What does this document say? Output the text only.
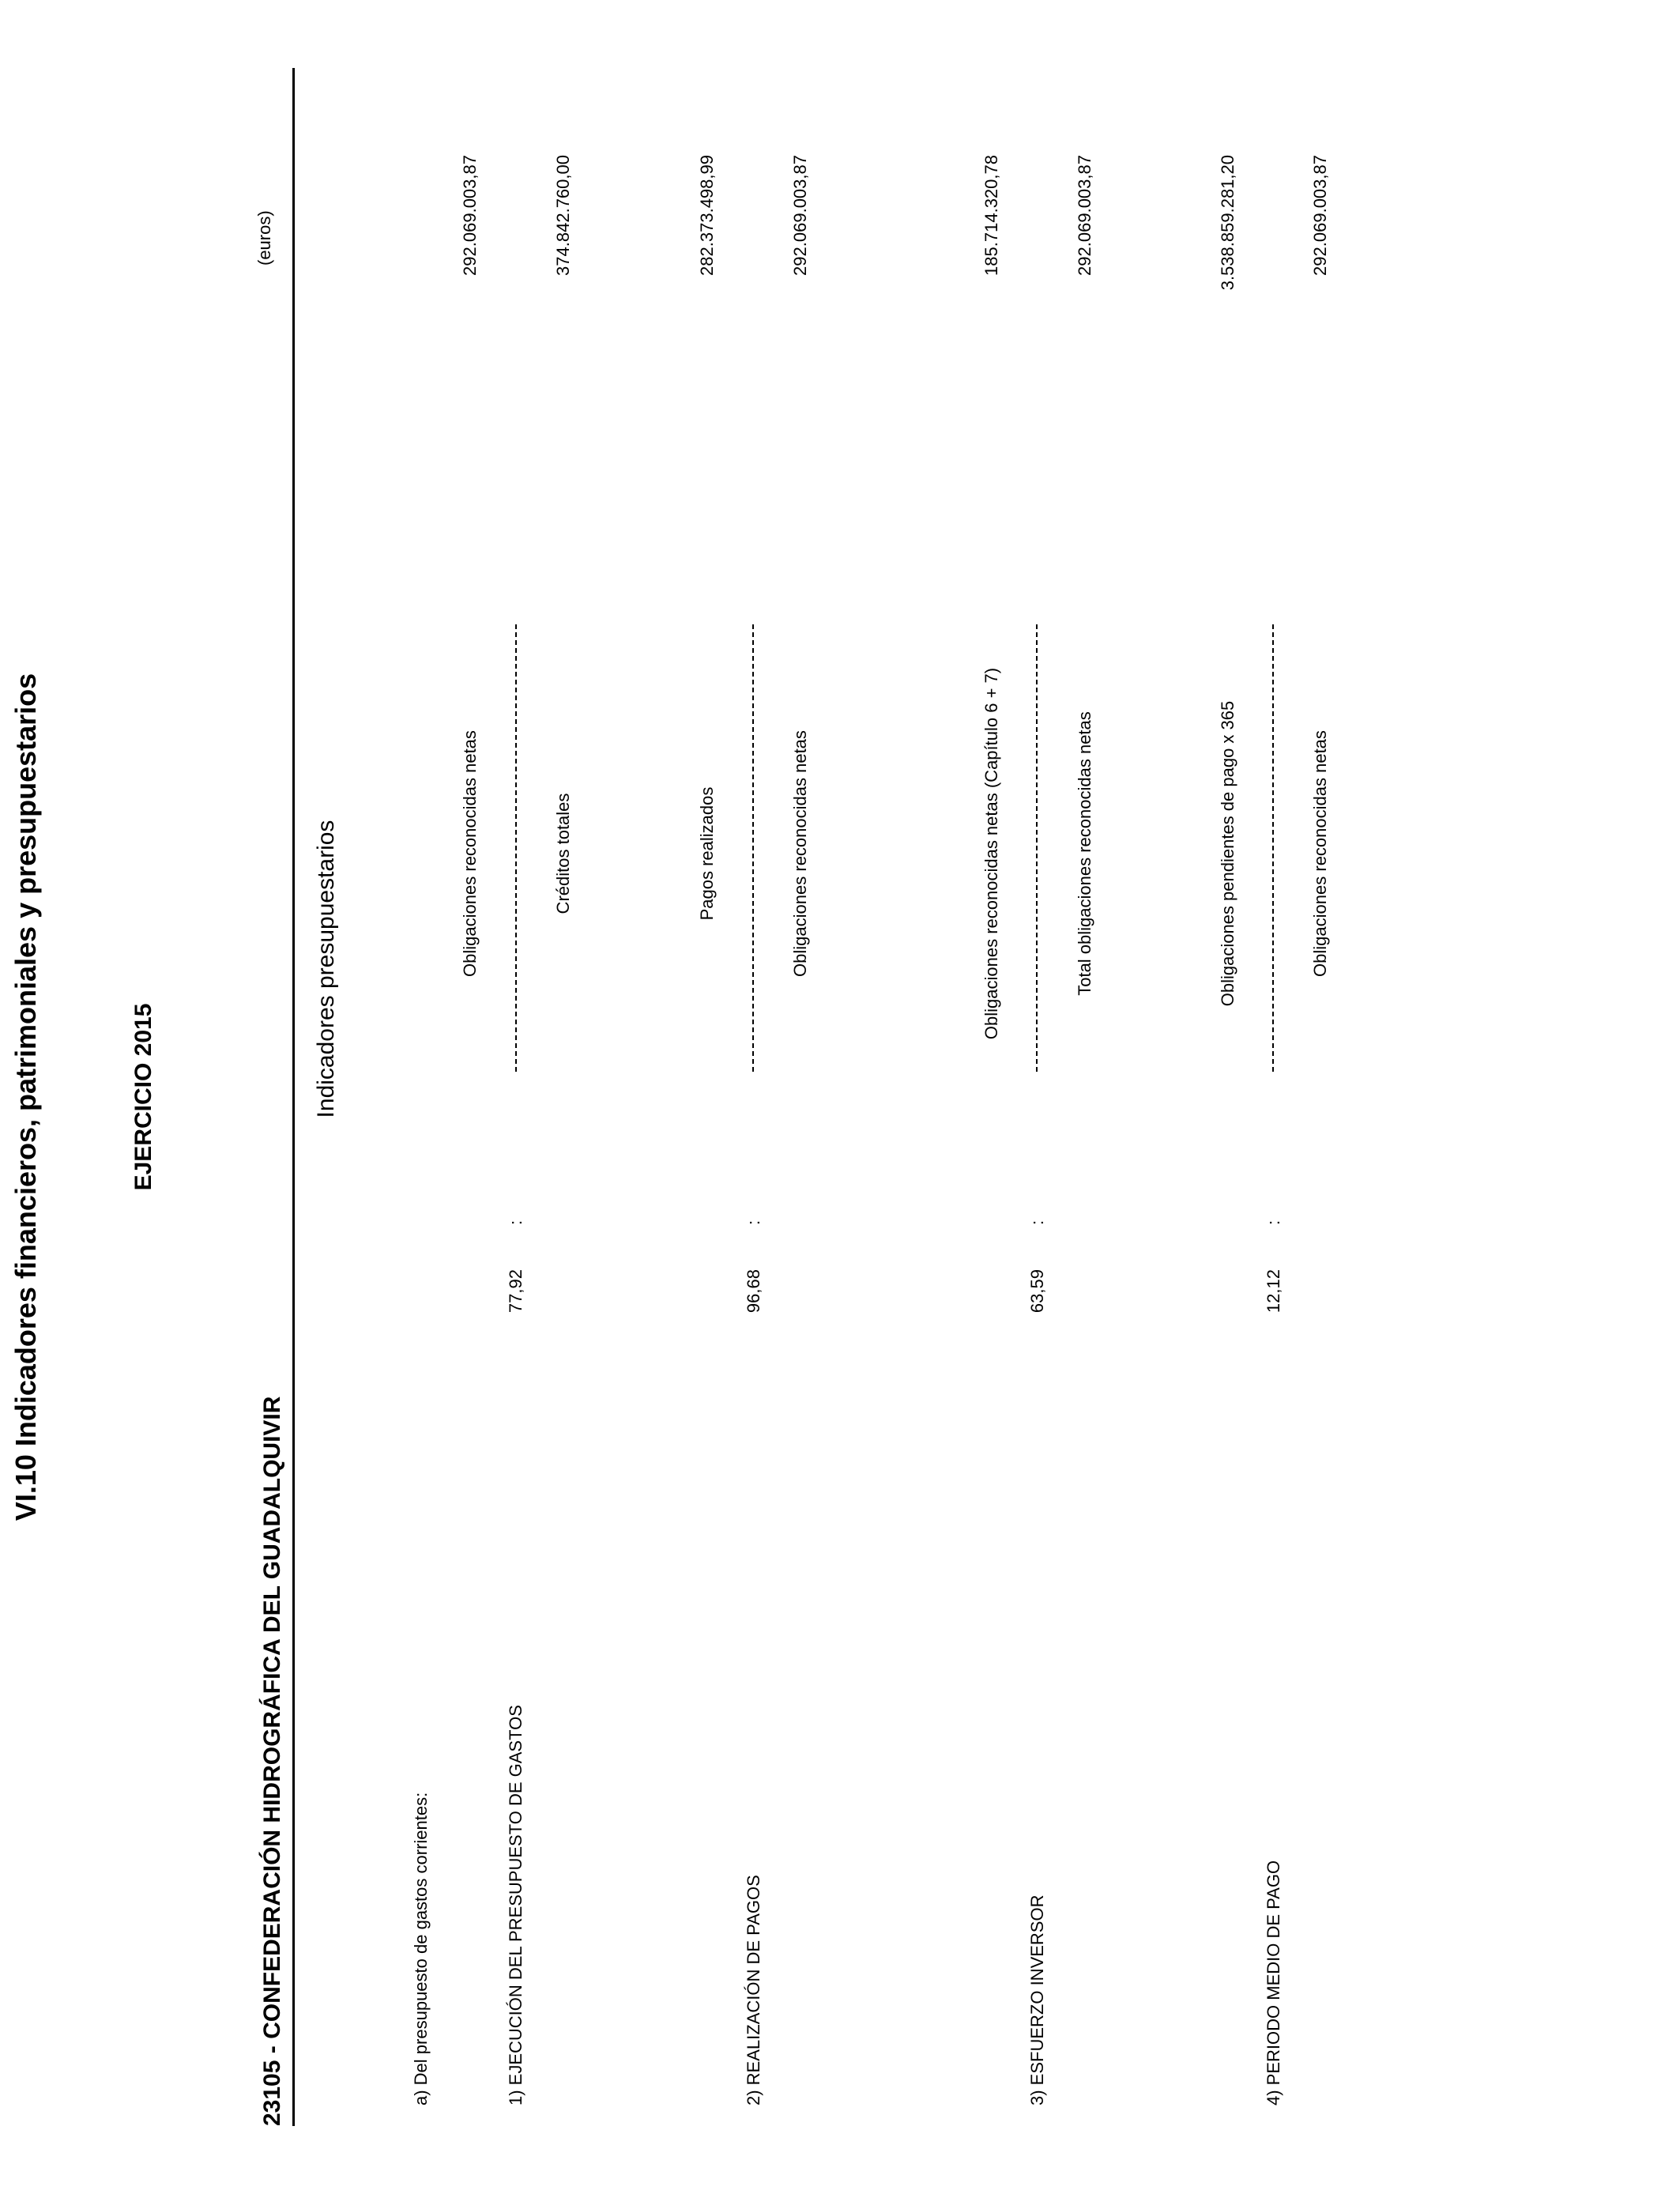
VI.10 Indicadores financieros, patrimoniales y presupuestarios
23105 - CONFEDERACIÓN HIDROGRÁFICA DEL GUADALQUIVIR
EJERCICIO 2015
(euros)
Indicadores presupuestarios
a) Del presupuesto de gastos corrientes:	1) EJECUCIÓN DEL PRESUPUESTO DE GASTOS
77,92
:
Obligaciones reconocidas netas	Créditos totales
292.069.003,87	374.842.760,00
2) REALIZACIÓN DE PAGOS
96,68
:
Pagos realizados	Obligaciones reconocidas netas
282.373.498,99	292.069.003,87
3) ESFUERZO INVERSOR
63,59
:
Obligaciones reconocidas netas (Capítulo 6 + 7)	Total obligaciones reconocidas netas
185.714.320,78	292.069.003,87
4) PERIODO MEDIO DE PAGO
12,12
:
Obligaciones pendientes de pago x 365	Obligaciones reconocidas netas
3.538.859.281,20	292.069.003,87
